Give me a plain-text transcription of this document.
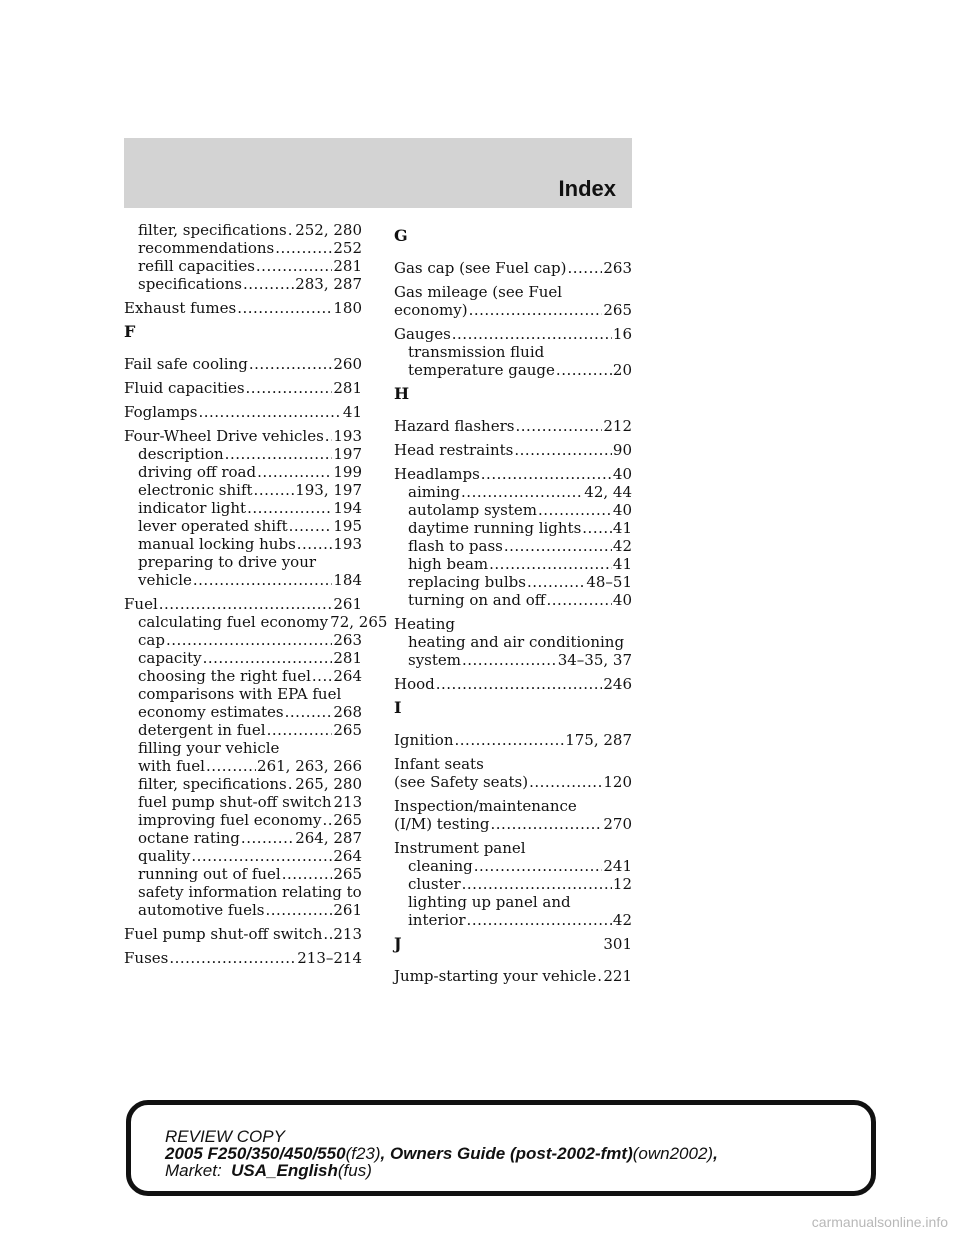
Index
filter, specifications ..... 252, 280
recommendations .....	252
refill capacities .....	281
specifications .....	283, 287
Exhaust fumes .....	180
F
Fail safe cooling .....	260
Fluid capacities .....	281
Foglamps .....	41
Four-Wheel Drive vehicles ..... 193
description .....	197
driving off road .....	199
electronic shift .....	193, 197
indicator light .....	194
lever operated shift .....	195
manual locking hubs .....	193
preparing to drive your
vehicle .....	184
Fuel .....	261
calculating fuel economy 72, 265
cap .....	263
capacity .....	281
choosing the right fuel ..... 264
comparisons with EPA fuel
economy estimates .....	268
detergent in fuel .....	265
filling your vehicle
with fuel .....	261, 263, 266
filter, specifications ..... 265, 280
fuel pump shut-off switch 213
improving fuel economy ..... 265
octane rating .....	264, 287
quality .....	264
running out of fuel .....	265
safety information relating to
automotive fuels .....	261
Fuel pump shut-off switch ..... 213
Fuses .....	213–214
G
Gas cap (see Fuel cap) ..... 263
Gas mileage (see Fuel
economy) .....	265
Gauges .....	16
transmission fluid
temperature gauge .....	20
H
Hazard flashers .....	212
Head restraints .....	90
Headlamps .....	40
aiming .....	42, 44
autolamp system .....	40
daytime running lights ..... 41
flash to pass .....	42
high beam .....	41
replacing bulbs .....	48–51
turning on and off .....	40
Heating
heating and air conditioning
system .....	34–35, 37
Hood .....	246
I
Ignition .....	175, 287
Infant seats
(see Safety seats) .....	120
Inspection/maintenance
(I/M) testing .....	270
Instrument panel
cleaning .....	241
cluster .....	12
lighting up panel and
interior .....	42
J
Jump-starting your vehicle ..... 221
301
REVIEW COPY
2005 F250/350/450/550(f23), Owners Guide (post-2002-fmt)(own2002),
Market: USA_English(fus)
carmanualsonline.info
